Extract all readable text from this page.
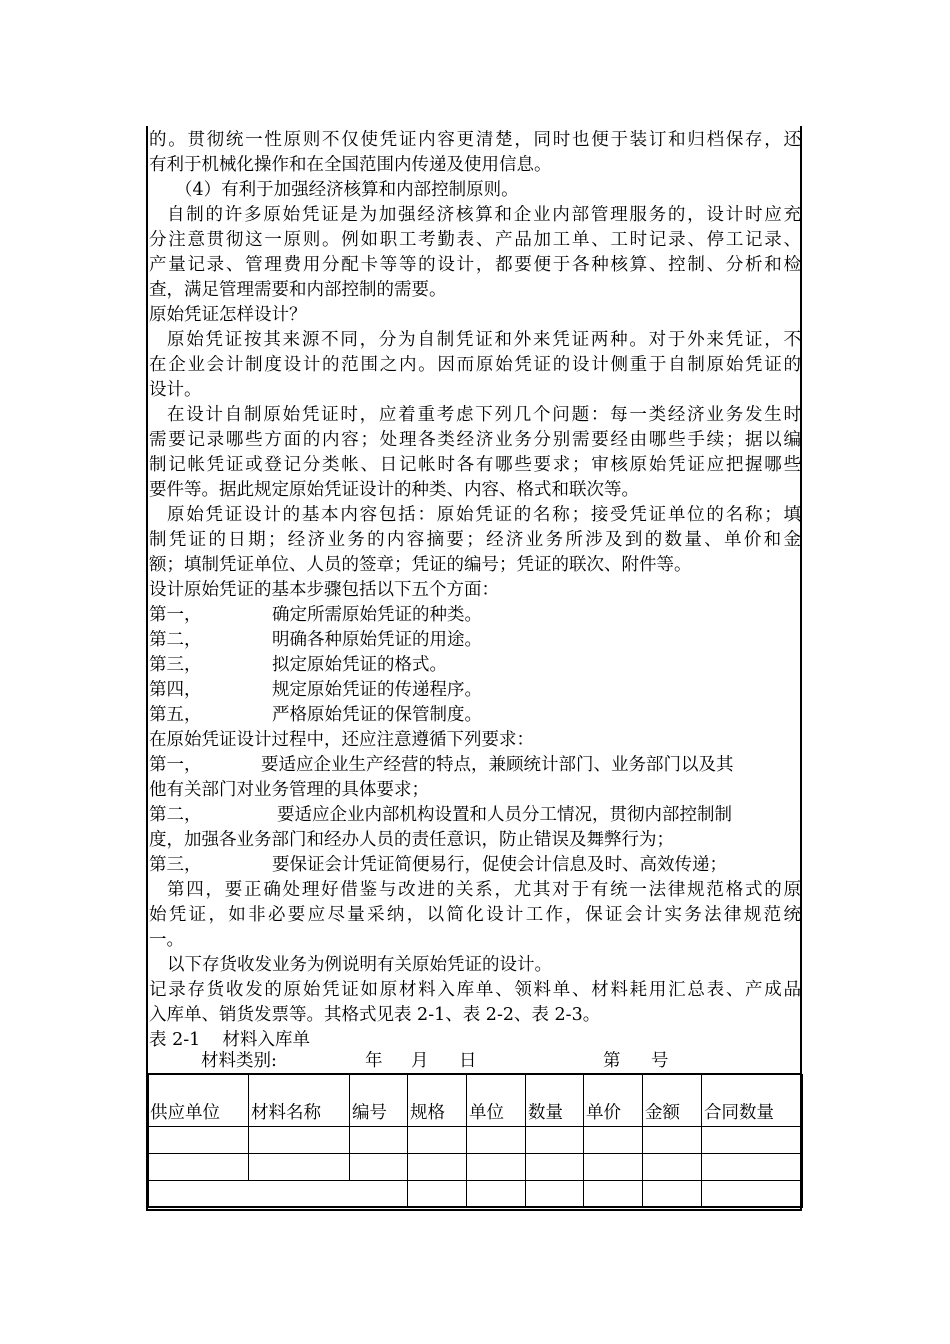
的。贯彻统一性原则不仅使凭证内容更清楚，同时也便于装订和归档保存，还
有利于机械化操作和在全国范围内传递及使用信息。
（4）有利于加强经济核算和内部控制原则。
自制的许多原始凭证是为加强经济核算和企业内部管理服务的，设计时应充
分注意贯彻这一原则。例如职工考勤表、产品加工单、工时记录、停工记录、
产量记录、管理费用分配卡等等的设计，都要便于各种核算、控制、分析和检
查，满足管理需要和内部控制的需要。
原始凭证怎样设计？
原始凭证按其来源不同，分为自制凭证和外来凭证两种。对于外来凭证，不
在企业会计制度设计的范围之内。因而原始凭证的设计侧重于自制原始凭证的
设计。
在设计自制原始凭证时，应着重考虑下列几个问题：每一类经济业务发生时
需要记录哪些方面的内容；处理各类经济业务分别需要经由哪些手续；据以编
制记帐凭证或登记分类帐、日记帐时各有哪些要求；审核原始凭证应把握哪些
要件等。据此规定原始凭证设计的种类、内容、格式和联次等。
原始凭证设计的基本内容包括：原始凭证的名称；接受凭证单位的名称；填
制凭证的日期；经济业务的内容摘要；经济业务所涉及到的数量、单价和金
额；填制凭证单位、人员的签章；凭证的编号；凭证的联次、附件等。
设计原始凭证的基本步骤包括以下五个方面：
第一，	确定所需原始凭证的种类。
第二，	明确各种原始凭证的用途。
第三，	拟定原始凭证的格式。
第四，	规定原始凭证的传递程序。
第五，	严格原始凭证的保管制度。
在原始凭证设计过程中，还应注意遵循下列要求：
第一，	要适应企业生产经营的特点，兼顾统计部门、业务部门以及其
他有关部门对业务管理的具体要求；
第二，	要适应企业内部机构设置和人员分工情况，贯彻内部控制制
度，加强各业务部门和经办人员的责任意识，防止错误及舞弊行为；
第三，	要保证会计凭证简便易行，促使会计信息及时、高效传递；
第四，要正确处理好借鉴与改进的关系，尤其对于有统一法律规范格式的原
始凭证，如非必要应尽量采纳，以简化设计工作，保证会计实务法律规范统
一。
以下存货收发业务为例说明有关原始凭证的设计。
记录存货收发的原始凭证如原材料入库单、领料单、材料耗用汇总表、产成品
入库单、销货发票等。其格式见表 2-1、表 2-2、表 2-3。
表 2-1    材料入库单
材料类别:	年 月 日	第 号
供应单位	材料名称	编号	规格	单位	数量	单价	金额	合同数量
